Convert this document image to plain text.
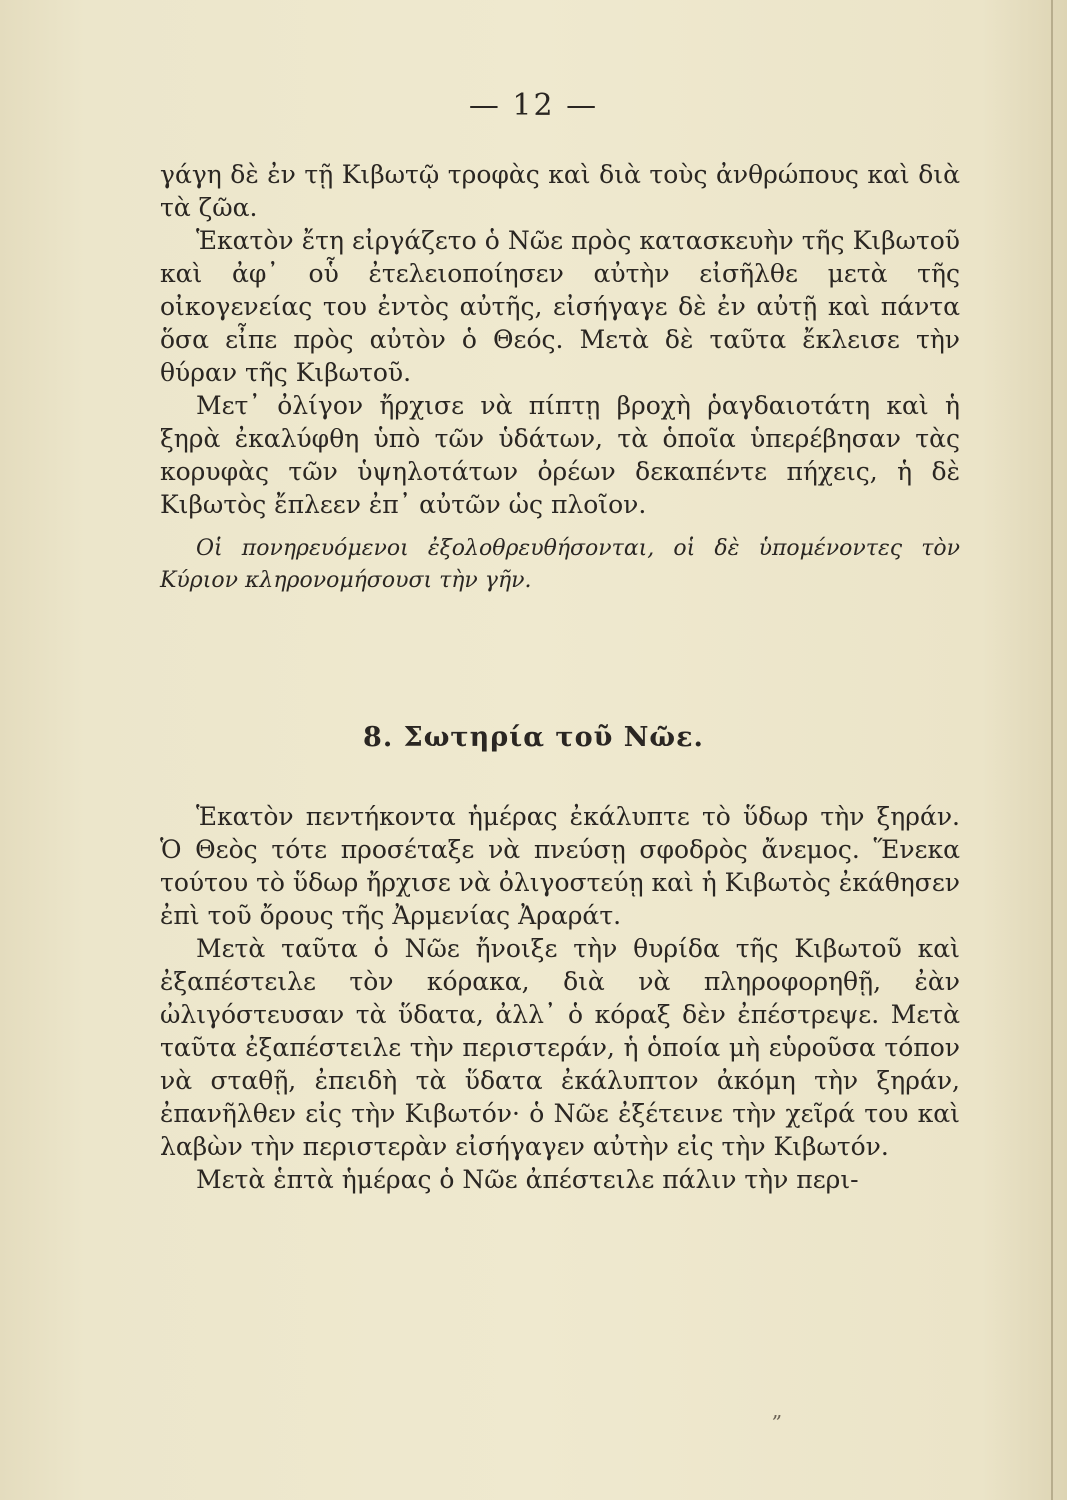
— 12 —

γάγη δὲ ἐν τῇ Κιβωτῷ τροφὰς καὶ διὰ τοὺς ἀνθρώπους καὶ διὰ τὰ ζῶα.

Ἑκατὸν ἔτη εἰργάζετο ὁ Νῶε πρὸς κατασκευὴν τῆς Κιβωτοῦ καὶ ἀφ᾽ οὗ ἐτελειοποίησεν αὐτὴν εἰσῆλθε μετὰ τῆς οἰκογενείας του ἐντὸς αὐτῆς, εἰσήγαγε δὲ ἐν αὐτῇ καὶ πάντα ὅσα εἶπε πρὸς αὐτὸν ὁ Θεός. Μετὰ δὲ ταῦτα ἔκλεισε τὴν θύραν τῆς Κιβωτοῦ.

Μετ᾽ ὀλίγον ἤρχισε νὰ πίπτῃ βροχὴ ῥαγδαιοτάτη καὶ ἡ ξηρὰ ἐκαλύφθη ὑπὸ τῶν ὑδάτων, τὰ ὁποῖα ὑπερέβησαν τὰς κορυφὰς τῶν ὑψηλοτάτων ὀρέων δεκαπέντε πήχεις, ἡ δὲ Κιβωτὸς ἔπλεεν ἐπ᾽ αὐτῶν ὡς πλοῖον.

Οἱ πονηρευόμενοι ἐξολοθρευθήσονται, οἱ δὲ ὑπομένοντες τὸν Κύριον κληρονομήσουσι τὴν γῆν.

8. Σωτηρία τοῦ Νῶε.

Ἑκατὸν πεντήκοντα ἡμέρας ἐκάλυπτε τὸ ὕδωρ τὴν ξηράν. Ὁ Θεὸς τότε προσέταξε νὰ πνεύσῃ σφοδρὸς ἄνεμος. Ἕνεκα τούτου τὸ ὕδωρ ἤρχισε νὰ ὀλιγοστεύῃ καὶ ἡ Κιβωτὸς ἐκάθησεν ἐπὶ τοῦ ὄρους τῆς Ἀρμενίας Ἀραράτ.

Μετὰ ταῦτα ὁ Νῶε ἤνοιξε τὴν θυρίδα τῆς Κιβωτοῦ καὶ ἐξαπέστειλε τὸν κόρακα, διὰ νὰ πληροφορηθῇ, ἐὰν ὠλιγόστευσαν τὰ ὕδατα, ἀλλ᾽ ὁ κόραξ δὲν ἐπέστρεψε. Μετὰ ταῦτα ἐξαπέστειλε τὴν περιστεράν, ἡ ὁποία μὴ εὑροῦσα τόπον νὰ σταθῇ, ἐπειδὴ τὰ ὕδατα ἐκάλυπτον ἀκόμη τὴν ξηράν, ἐπανῆλθεν εἰς τὴν Κιβωτόν· ὁ Νῶε ἐξέτεινε τὴν χεῖρά του καὶ λαβὼν τὴν περιστερὰν εἰσήγαγεν αὐτὴν εἰς τὴν Κιβωτόν.

Μετὰ ἑπτὰ ἡμέρας ὁ Νῶε ἀπέστειλε πάλιν τὴν περι-

„
